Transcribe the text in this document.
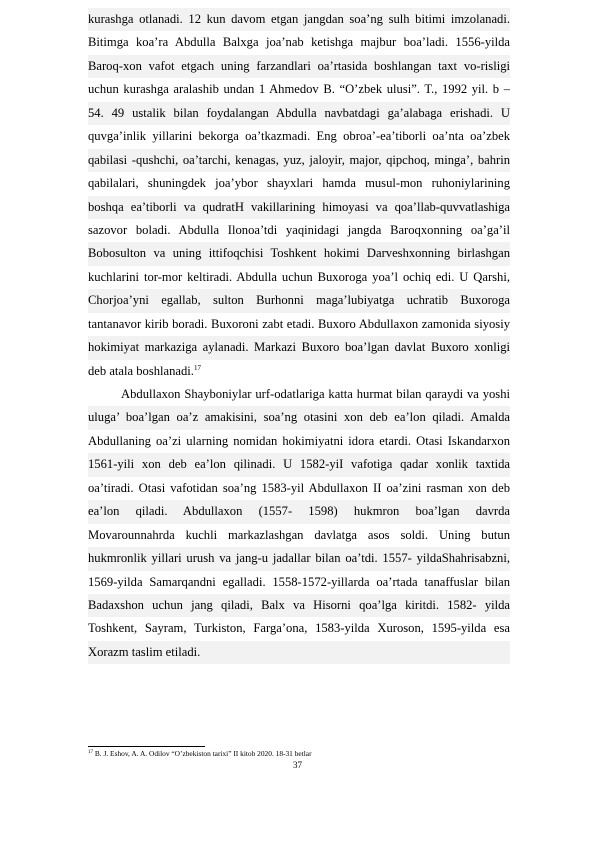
kurashga otlanadi. 12 kun davom etgan jangdan soa’ng sulh bitimi imzolanadi.
Bitimga koa’ra Abdulla Balxga joa’nab ketishga majbur boa’ladi. 1556-yilda
Baroq-xon vafot etgach uning farzandlari oa’rtasida boshlangan taxt vo-risligi
uchun kurashga aralashib undan 1 Ahmedov B. “O’zbek ulusi”. T., 1992 yil. b –
54. 49 ustalik bilan foydalangan Abdulla navbatdagi ga’alabaga erishadi. U
quvga’inlik yillarini bekorga oa’tkazmadi. Eng obroa’-ea’tiborli oa’nta oa’zbek
qabilasi -qushchi, oa’tarchi, kenagas, yuz, jaloyir, major, qipchoq, minga’, bahrin
qabilalari, shuningdek joa’ybor shayxlari hamda musul-mon ruhoniylarining
boshqa ea’tiborli va qudratH vakillarining himoyasi va qoa’llab-quvvatlashiga
sazovor boladi. Abdulla Ilonoa’tdi yaqinidagi jangda Baroqxonning oa’ga’il
Bobosulton va uning ittifoqchisi Toshkent hokimi Darveshxonning birlashgan
kuchlarini tor-mor keltiradi. Abdulla uchun Buxoroga yoa’l ochiq edi. U Qarshi,
Chorjoa’yni egallab, sulton Burhonni maga’lubiyatga uchratib Buxoroga
tantanavor kirib boradi. Buxoroni zabt etadi. Buxoro Abdullaxon zamonida siyosiy
hokimiyat markaziga aylanadi. Markazi Buxoro boa’lgan davlat Buxoro xonligi
deb atala boshlanadi.$^{17}$
Abdullaxon Shayboniylar urf-odatlariga katta hurmat bilan qaraydi va yoshi
uluga’ boa’lgan oa’z amakisini, soa’ng otasini xon deb ea’lon qiladi. Amalda
Abdullaning oa’zi ularning nomidan hokimiyatni idora etardi. Otasi Iskandarxon
1561-yili xon deb ea’lon qilinadi. U 1582-yiI vafotiga qadar xonlik taxtida
oa’tiradi. Otasi vafotidan soa’ng 1583-yil Abdullaxon II oa’zini rasman xon deb
ea’lon qiladi. Abdullaxon (1557- 1598) hukmron boa’lgan davrda
Movarounnahrda kuchli markazlashgan davlatga asos soldi. Uning butun
hukmronlik yillari urush va jang-u jadallar bilan oa’tdi. 1557- yildaShahrisabzni,
1569-yilda Samarqandni egalladi. 1558-1572-yillarda oa’rtada tanaffuslar bilan
Badaxshon uchun jang qiladi, Balx va Hisorni qoa’lga kiritdi. 1582- yilda
Toshkent, Sayram, Turkiston, Farga’ona, 1583-yilda Xuroson, 1595-yilda esa
Xorazm taslim etiladi.
$^{17}$ B. J. Eshov, A. A. Odilov “O’zbekiston tarixi” II kitob 2020. 18-31 betlar
37
